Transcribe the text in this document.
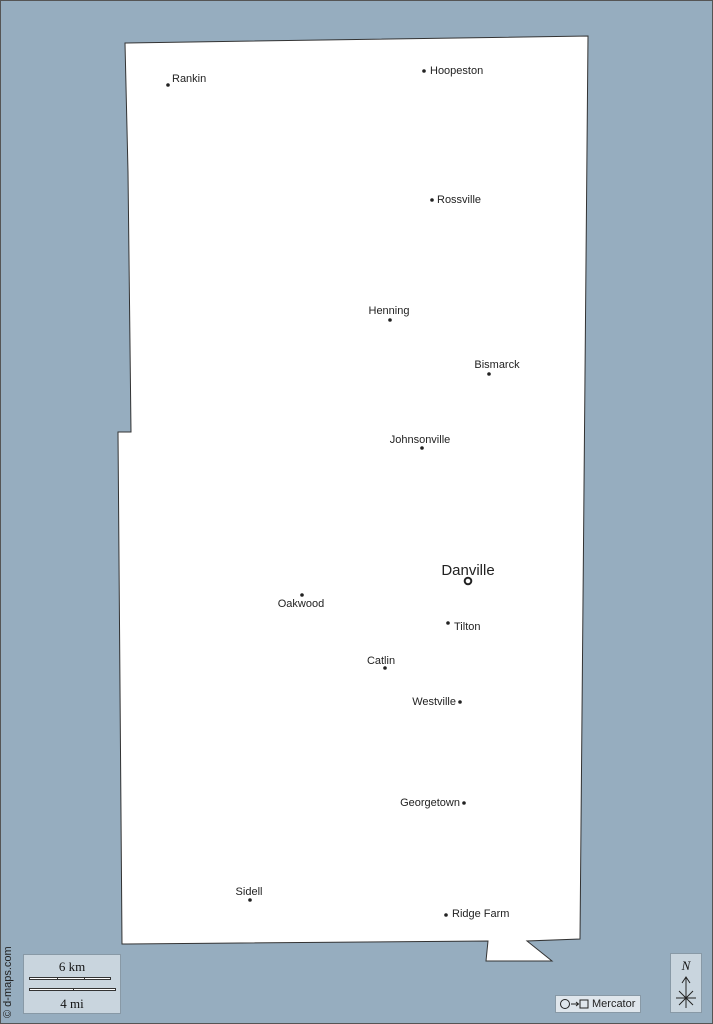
Rankin
Hoopeston
Rossville
Henning
Bismarck
Johnsonville
Danville
Oakwood
Tilton
Catlin
Westville
Georgetown
Sidell
Ridge Farm
© d-maps.com	6 km
4 mi	Mercator
N
